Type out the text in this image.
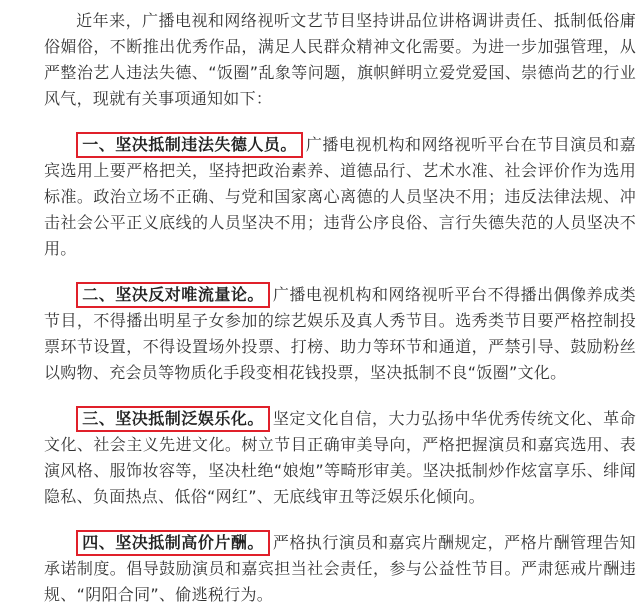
近年来，广播电视和网络视听文艺节目坚持讲品位讲格调讲责任、抵制低俗庸俗媚俗，不断推出优秀作品，满足人民群众精神文化需要。为进一步加强管理，从严整治艺人违法失德、“饭圈”乱象等问题，旗帜鲜明立爱党爱国、崇德尚艺的行业风气，现就有关事项通知如下：

一、坚决抵制违法失德人员。 广播电视机构和网络视听平台在节目演员和嘉宾选用上要严格把关，坚持把政治素养、道德品行、艺术水准、社会评价作为选用标准。政治立场不正确、与党和国家离心离德的人员坚决不用；违反法律法规、冲击社会公平正义底线的人员坚决不用；违背公序良俗、言行失德失范的人员坚决不用。

二、坚决反对唯流量论。 广播电视机构和网络视听平台不得播出偶像养成类节目，不得播出明星子女参加的综艺娱乐及真人秀节目。选秀类节目要严格控制投票环节设置，不得设置场外投票、打榜、助力等环节和通道，严禁引导、鼓励粉丝以购物、充会员等物质化手段变相花钱投票，坚决抵制不良“饭圈”文化。

三、坚决抵制泛娱乐化。 坚定文化自信，大力弘扬中华优秀传统文化、革命文化、社会主义先进文化。树立节目正确审美导向，严格把握演员和嘉宾选用、表演风格、服饰妆容等，坚决杜绝“娘炮”等畸形审美。坚决抵制炒作炫富享乐、绯闻隐私、负面热点、低俗“网红”、无底线审丑等泛娱乐化倾向。

四、坚决抵制高价片酬。 严格执行演员和嘉宾片酬规定，严格片酬管理告知承诺制度。倡导鼓励演员和嘉宾担当社会责任，参与公益性节目。严肃惩戒片酬违规、“阴阳合同”、偷逃税行为。
